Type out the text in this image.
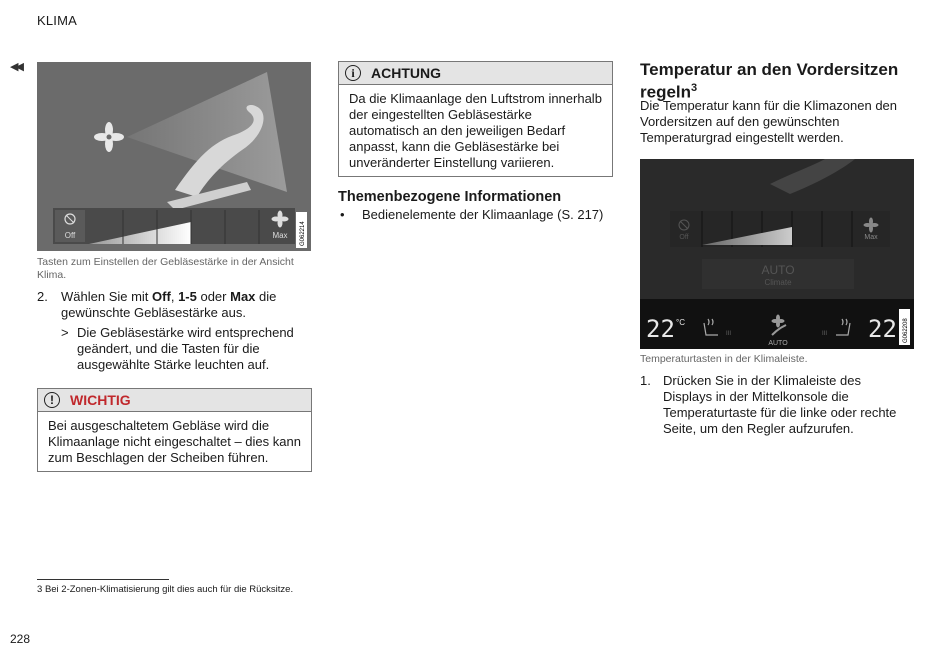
KLIMA
◀◀
Off	Max G062214
Tasten zum Einstellen der Gebläsestärke in der Ansicht Klima.
2. Wählen Sie mit Off, 1-5 oder Max die gewünschte Gebläsestärke aus.
> Die Gebläsestärke wird entsprechend geändert, und die Tasten für die ausgewählte Stärke leuchten auf.
!	WICHTIG
Bei ausgeschaltetem Gebläse wird die Klimaanlage nicht eingeschaltet – dies kann zum Beschlagen der Scheiben führen.
i	ACHTUNG
Da die Klimaanlage den Luftstrom innerhalb der eingestellten Gebläsestärke automatisch an den jeweiligen Bedarf anpasst, kann die Gebläsestärke bei unveränderter Einstellung variieren.
Themenbezogene Informationen
• Bedienelemente der Klimaanlage (S. 217)
Temperatur an den Vordersitzen regeln$^3$
Die Temperatur kann für die Klimazonen den Vordersitzen auf den gewünschten Temperaturgrad eingestellt werden.
Off	Max
AUTO
Climate
22 °C
III
AUTO
III 22 G062208
Temperaturtasten in der Klimaleiste.
1. Drücken Sie in der Klimaleiste des Displays in der Mittelkonsole die Temperaturtaste für die linke oder rechte Seite, um den Regler aufzurufen.
3 Bei 2-Zonen-Klimatisierung gilt dies auch für die Rücksitze.
228
